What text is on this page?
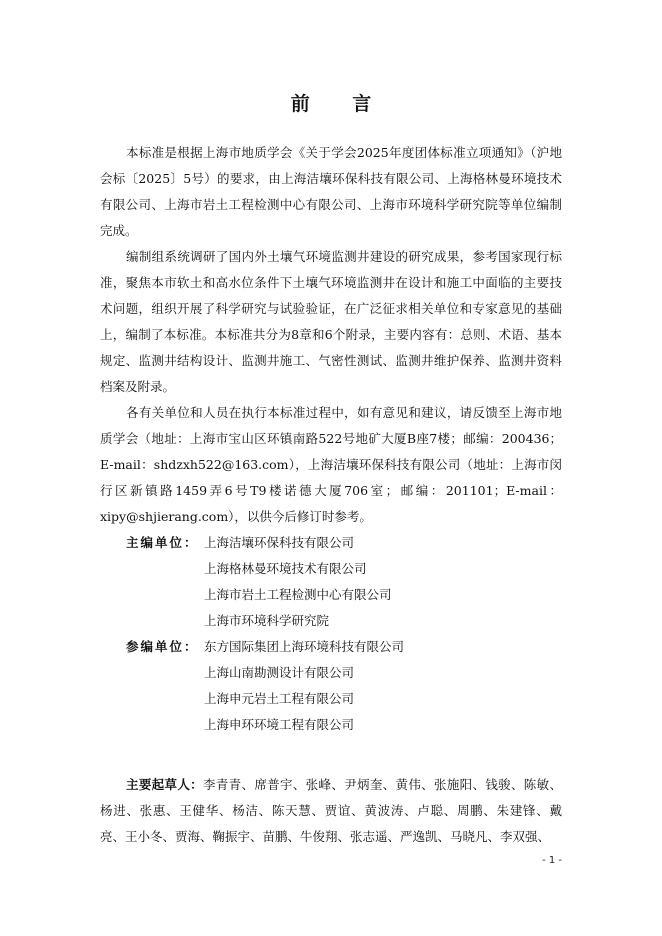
前 言

本标准是根据上海市地质学会《关于学会2025年度团体标准立项通知》（沪地会标〔2025〕5号）的要求，由上海洁壤环保科技有限公司、上海格林曼环境技术有限公司、上海市岩土工程检测中心有限公司、上海市环境科学研究院等单位编制完成。

编制组系统调研了国内外土壤气环境监测井建设的研究成果，参考国家现行标准，聚焦本市软土和高水位条件下土壤气环境监测井在设计和施工中面临的主要技术问题，组织开展了科学研究与试验验证，在广泛征求相关单位和专家意见的基础上，编制了本标准。本标准共分为8章和6个附录，主要内容有：总则、术语、基本规定、监测井结构设计、监测井施工、气密性测试、监测井维护保养、监测井资料档案及附录。

各有关单位和人员在执行本标准过程中，如有意见和建议，请反馈至上海市地质学会（地址：上海市宝山区环镇南路522号地矿大厦B座7楼；邮编：200436；E-mail：shdzxh522@163.com），上海洁壤环保科技有限公司（地址：上海市闵行区新镇路1459弄6号T9楼诺德大厦706室；邮编：201101；E-mail：xipy@shjierang.com），以供今后修订时参考。

主编单位： 上海洁壤环保科技有限公司
上海格林曼环境技术有限公司
上海市岩土工程检测中心有限公司
上海市环境科学研究院
参编单位： 东方国际集团上海环境科技有限公司
上海山南勘测设计有限公司
上海申元岩土工程有限公司
上海申环环境工程有限公司

主要起草人：李青青、席普宇、张峰、尹炳奎、黄伟、张施阳、钱骏、陈敏、杨进、张惠、王健华、杨洁、陈天慧、贾谊、黄波涛、卢聪、周鹏、朱建锋、戴亮、王小冬、贾海、鞠振宇、苗鹏、牛俊翔、张志遥、严逸凯、马晓凡、李双强、

- 1 -
